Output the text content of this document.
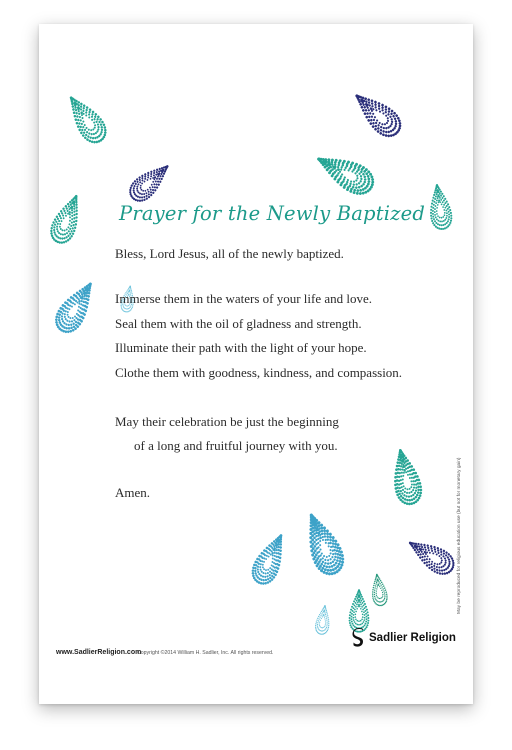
Prayer for the Newly Baptized
Bless, Lord Jesus, all of the newly baptized.
Immerse them in the waters of your life and love.
Seal them with the oil of gladness and strength.
Illuminate their path with the light of your hope.
Clothe them with goodness, kindness, and compassion.
May their celebration be just the beginning
of a long and fruitful journey with you.
Amen.
www.SadlierReligion.com
Copyright ©2014 William H. Sadlier, Inc. All rights reserved.
Sadlier Religion
May be reproduced for religious education use (but not for monetary gain)
